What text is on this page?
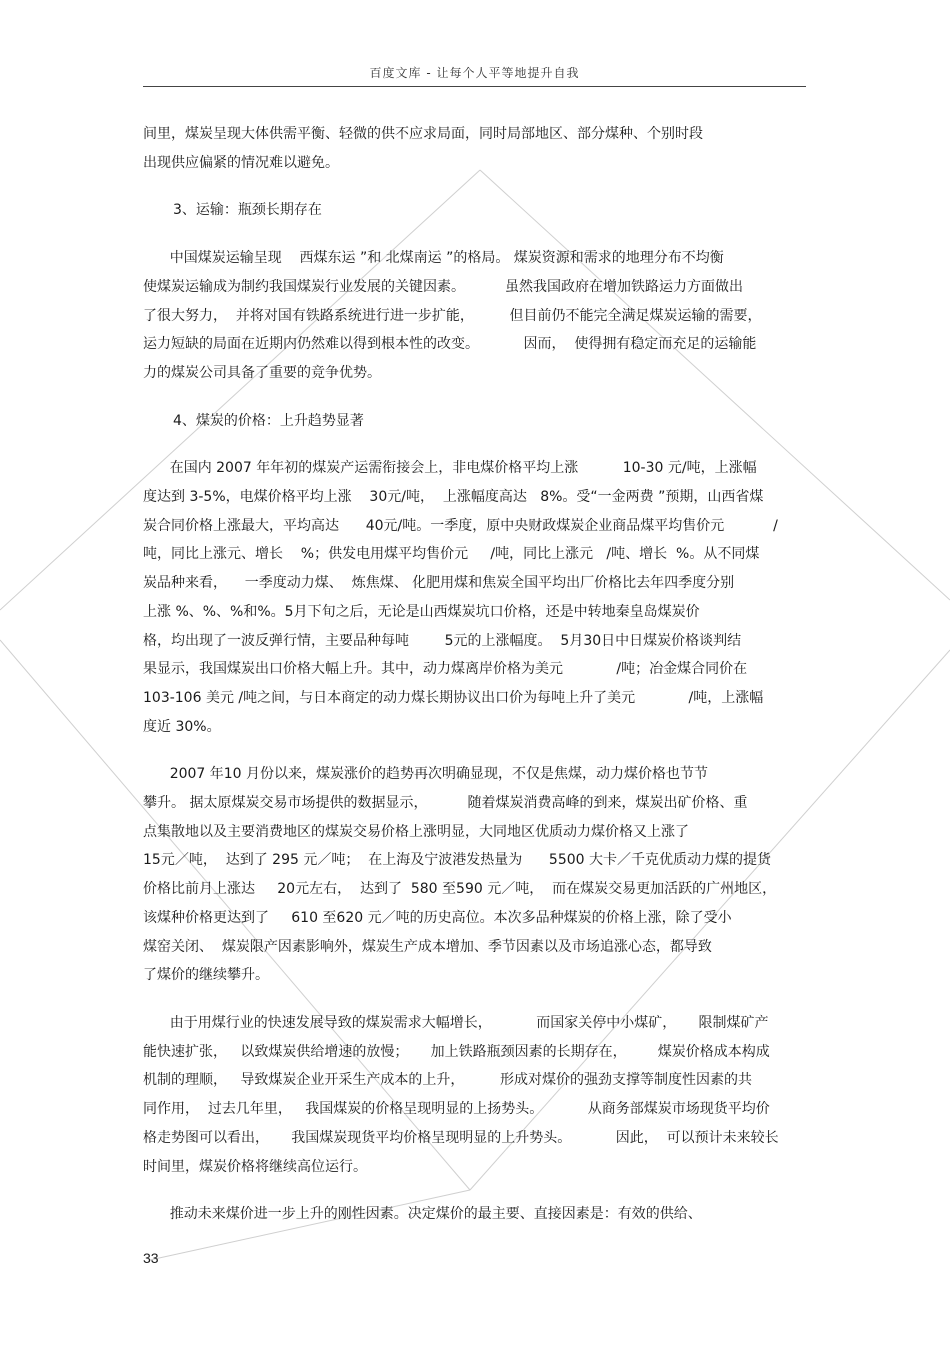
百度文库 - 让每个人平等地提升自我

间里，煤炭呈现大体供需平衡、轻微的供不应求局面，同时局部地区、部分煤种、个别时段
出现供应偏紧的情况难以避免。

3、运输：瓶颈长期存在

中国煤炭运输呈现    西煤东运 ”和 北煤南运 ”的格局。 煤炭资源和需求的地理分布不均衡
使煤炭运输成为制约我国煤炭行业发展的关键因素。         虽然我国政府在增加铁路运力方面做出
了很大努力，  并将对国有铁路系统进行进一步扩能，        但目前仍不能完全满足煤炭运输的需要，
运力短缺的局面在近期内仍然难以得到根本性的改变。          因而，  使得拥有稳定而充足的运输能
力的煤炭公司具备了重要的竞争优势。

4、煤炭的价格：上升趋势显著

在国内 2007 年年初的煤炭产运需衔接会上，非电煤价格平均上涨          10-30 元/吨，上涨幅
度达到 3-5%，电煤价格平均上涨    30元/吨，  上涨幅度高达   8%。受“一金两费 ”预期，山西省煤
炭合同价格上涨最大，平均高达      40元/吨。一季度，原中央财政煤炭企业商品煤平均售价元           /
吨，同比上涨元、增长    %；供发电用煤平均售价元     /吨，同比上涨元   /吨、增长  %。从不同煤
炭品种来看，    一季度动力煤、  炼焦煤、 化肥用煤和焦炭全国平均出厂价格比去年四季度分别
上涨 %、%、%和%。5月下旬之后，无论是山西煤炭坑口价格，还是中转地秦皇岛煤炭价
格，均出现了一波反弹行情，主要品种每吨        5元的上涨幅度。  5月30日中日煤炭价格谈判结
果显示，我国煤炭出口价格大幅上升。其中，动力煤离岸价格为美元            /吨；冶金煤合同价在
103-106 美元 /吨之间，与日本商定的动力煤长期协议出口价为每吨上升了美元            /吨，上涨幅
度近 30%。

2007 年10 月份以来，煤炭涨价的趋势再次明确显现，不仅是焦煤，动力煤价格也节节
攀升。 据太原煤炭交易市场提供的数据显示，         随着煤炭消费高峰的到来，煤炭出矿价格、重
点集散地以及主要消费地区的煤炭交易价格上涨明显，大同地区优质动力煤价格又上涨了
15元／吨，  达到了 295 元／吨；  在上海及宁波港发热量为      5500 大卡／千克优质动力煤的提货
价格比前月上涨达     20元左右，  达到了  580 至590 元／吨，  而在煤炭交易更加活跃的广州地区，
该煤种价格更达到了     610 至620 元／吨的历史高位。本次多品种煤炭的价格上涨，除了受小
煤窑关闭、  煤炭限产因素影响外，煤炭生产成本增加、季节因素以及市场追涨心态，都导致
了煤价的继续攀升。

由于用煤行业的快速发展导致的煤炭需求大幅增长，          而国家关停中小煤矿，     限制煤矿产
能快速扩张，   以致煤炭供给增速的放慢；     加上铁路瓶颈因素的长期存在，       煤炭价格成本构成
机制的理顺，   导致煤炭企业开采生产成本的上升，        形成对煤价的强劲支撑等制度性因素的共
同作用，  过去几年里，   我国煤炭的价格呈现明显的上扬势头。          从商务部煤炭市场现货平均价
格走势图可以看出，     我国煤炭现货平均价格呈现明显的上升势头。          因此，  可以预计未来较长
时间里，煤炭价格将继续高位运行。

推动未来煤价进一步上升的刚性因素。决定煤价的最主要、直接因素是：有效的供给、

33
